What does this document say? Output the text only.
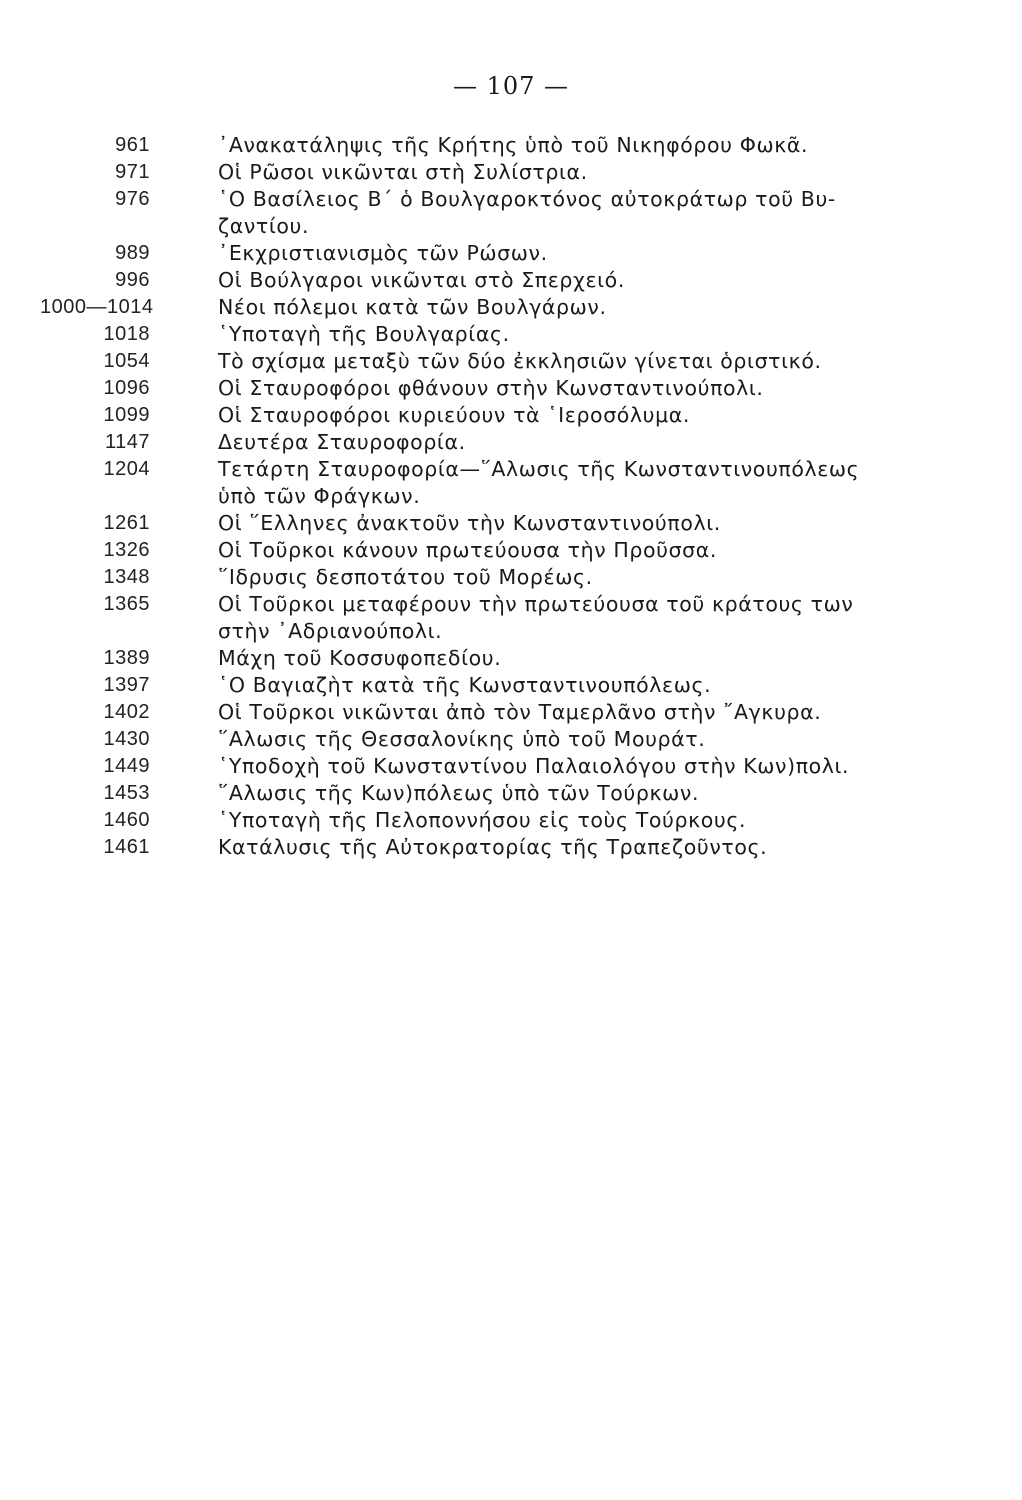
— 107 —
961	᾽Ανακατάληψις τῆς Κρήτης ὑπὸ τοῦ Νικηφόρου Φωκᾶ.
971	Οἱ Ρῶσοι νικῶνται στὴ Συλίστρια.
976	῾Ο Βασίλειος Β΄ ὁ Βουλγαροκτόνος αὐτοκράτωρ τοῦ Βυ-
ζαντίου.
989	᾽Εκχριστιανισμὸς τῶν Ρώσων.
996	Οἱ Βούλγαροι νικῶνται στὸ Σπερχειό.
1000—1014	Νέοι πόλεμοι κατὰ τῶν Βουλγάρων.
1018	῾Υποταγὴ τῆς Βουλγαρίας.
1054	Τὸ σχίσμα μεταξὺ τῶν δύο ἐκκλησιῶν γίνεται ὁριστικό.
1096	Οἱ Σταυροφόροι φθάνουν στὴν Κωνσταντινούπολι.
1099	Οἱ Σταυροφόροι κυριεύουν τὰ ῾Ιεροσόλυμα.
1147	Δευτέρα Σταυροφορία.
1204	Τετάρτη Σταυροφορία—῞Αλωσις τῆς Κωνσταντινουπόλεως
ὑπὸ τῶν Φράγκων.
1261	Οἱ ῞Ελληνες ἀνακτοῦν τὴν Κωνσταντινούπολι.
1326	Οἱ Τοῦρκοι κάνουν πρωτεύουσα τὴν Προῦσσα.
1348	῞Ιδρυσις δεσποτάτου τοῦ Μορέως.
1365	Οἱ Τοῦρκοι μεταφέρουν τὴν πρωτεύουσα τοῦ κράτους των
στὴν ᾽Αδριανούπολι.
1389	Μάχη τοῦ Κοσσυφοπεδίου.
1397	῾Ο Βαγιαζὴτ κατὰ τῆς Κωνσταντινουπόλεως.
1402	Οἱ Τοῦρκοι νικῶνται ἀπὸ τὸν Ταμερλᾶνο στὴν ῎Αγκυρα.
1430	῞Αλωσις τῆς Θεσσαλονίκης ὑπὸ τοῦ Μουράτ.
1449	῾Υποδοχὴ τοῦ Κωνσταντίνου Παλαιολόγου στὴν Κων)πολι.
1453	῞Αλωσις τῆς Κων)πόλεως ὑπὸ τῶν Τούρκων.
1460	῾Υποταγὴ τῆς Πελοποννήσου εἰς τοὺς Τούρκους.
1461	Κατάλυσις τῆς Αὐτοκρατορίας τῆς Τραπεζοῦντος.
